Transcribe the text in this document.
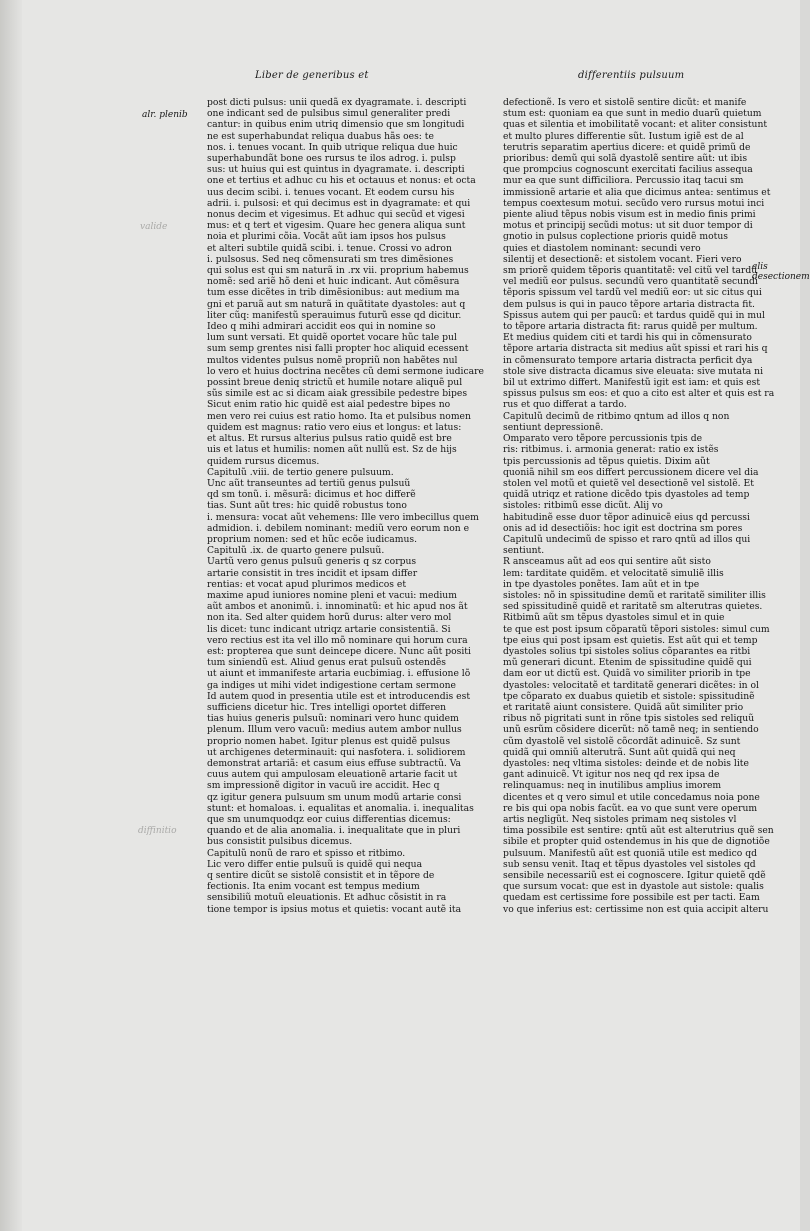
Liber de generibus et	differentiis pulsuum
alr. plenib
alis desectionem
valide
diffinitio
post dicti pulsus: unii quedã ex dyagramate. i. descripti
one indicant sed de pulsibus simul generaliter predi
cantur: in quibus enim utriq dimensio que sm longitudi
ne est superhabundat reliqua duabus hãs oes: te
nos. i. tenues vocant. In quib utrique reliqua due huic
superhabundãt bone oes rursus te ilos adrog. i. pulsp
sus: ut huius qui est quintus in dyagramate. i. descripti
one et tertius et adhuc cu his et octauus et nonus: et octa
uus decim scibi. i. tenues vocant. Et eodem cursu his
adrii. i. pulsosi: et qui decimus est in dyagramate: et qui
nonus decim et vigesimus. Et adhuc qui secũd et vigesi
mus: et q tert et vigesim. Quare hec genera aliqua sunt
noia et plurimi cõia. Vocãt aũt iam ipsos hos pulsus
et alteri subtile quidã scibi. i. tenue. Crossi vo adron
i. pulsosus. Sed neq cõmensurati sm tres dimẽsiones
qui solus est qui sm naturã in .rx vii. proprium habemus
nomẽ: sed ariẽ hõ deni et huic indicant. Aut cõmẽsura
tum esse dicẽtes in trib dimẽsionibus: aut medium ma
gni et paruã aut sm naturã in quãtitate dyastoles: aut q
liter cũq: manifestũ sperauimus futurũ esse qd dicitur.
Ideo q mihi admirari accidit eos qui in nomine so
lum sunt versati. Et quidẽ oportet vocare hũc tale pul
sum semp grentes nisi falli propter hoc aliquid ecessent
multos videntes pulsus nomẽ propriũ non habẽtes nul
lo vero et huius doctrina necẽtes cũ demi sermone iudicare
possint breue deniq strictũ et humile notare aliquẽ pul
sũs simile est ac si dicam aiak gressibile pedestre bipes
Sicut enim ratio hic quidẽ est aial pedestre bipes no
men vero rei cuius est ratio homo. Ita et pulsibus nomen
quidem est magnus: ratio vero eius et longus: et latus:
et altus. Et rursus alterius pulsus ratio quidẽ est bre
uis et latus et humilis: nomen aũt nullũ est. Sz de hijs
quidem rursus dicemus.
Capitulũ .viii. de tertio genere pulsuum.
Unc aũt transeuntes ad tertiũ genus pulsuũ
qd sm tonũ. i. mẽsurã: dicimus et hoc differẽ
tias. Sunt aũt tres: hic quidẽ robustus tono
i. mensura: vocat aũt vehemens: Ille vero imbecillus quem
admidion. i. debilem nominant: mediũ vero eorum non e
proprium nomen: sed et hũc ecõe iudicamus.
Capitulũ .ix. de quarto genere pulsuũ.
Uartũ vero genus pulsuũ generis q sz corpus
artarie consistit in tres incidit et ipsam differ
rentias: et vocat apud plurimos medicos et
maxime apud iuniores nomine pleni et vacui: medium
aũt ambos et anonimũ. i. innominatũ: et hic apud nos ãt
non ita. Sed alter quidem horũ durus: alter vero mol
lis dicet: tunc indicant utriqz artarie consistentiã. Si
vero rectius est ita vel illo mõ nominare qui horum cura
est: propterea que sunt deincepe dicere. Nunc aũt positi
tum siniendũ est. Aliud genus erat pulsuũ ostendẽs
ut aiunt et immanifeste artaria eucbimiag. i. effusione lõ
ga indiges ut mihi videt indigestione certam sermone
Id autem quod in presentia utile est et introducendis est
sufficiens dicetur hic. Tres intelligi oportet differen
tias huius generis pulsuũ: nominari vero hunc quidem
plenum. Illum vero vacuũ: medius autem ambor nullus
proprio nomen habet. Igitur plenus est quidẽ pulsus
ut archigenes determinauit: qui nasfotera. i. solidiorem
demonstrat artariã: et casum eius effuse subtractũ. Va
cuus autem qui ampulosam eleuationẽ artarie facit ut
sm impressionẽ digitor in vacuũ ire accidit. Hec q
qz igitur genera pulsuum sm unum modũ artarie consi
stunt: et homaloas. i. equalitas et anomalia. i. inequalitas
que sm unumquodqz eor cuius differentias dicemus:
quando et de alia anomalia. i. inequalitate que in pluri
bus consistit pulsibus dicemus.
Capitulũ nonũ de raro et spisso et ritbimo.
Lic vero differ entie pulsuũ is quidẽ qui nequa
q sentire dicũt se sistolẽ consistit et in tẽpore de
fectionis. Ita enim vocant est tempus medium
sensibiliũ motuũ eleuationis. Et adhuc cõsistit in ra
tione tempor is ipsius motus et quietis: vocant autẽ ita
defectionẽ. Is vero et sistolẽ sentire dicũt: et manife
stum est: quoniam ea que sunt in medio duarũ quietum
quas et silentia et imobilitatẽ vocant: et aliter consistunt
et multo plures differentie sũt. Iustum igiẽ est de al
terutris separatim apertius dicere: et quidẽ primũ de
prioribus: demũ qui solã dyastolẽ sentire aũt: ut ibis
que prompcius cognoscunt exercitati facilius assequa
mur ea que sunt difficiliora. Percussio itaq tacui sm
immissionẽ artarie et alia que dicimus antea: sentimus et
tempus coextesum motui. secũdo vero rursus motui inci
piente aliud tẽpus nobis visum est in medio finis primi
motus et principij secũdi motus: ut sit duor tempor di
gnotio in pulsus coplectione prioris quidẽ motus
quies et diastolem nominant: secundi vero
silentij et desectionẽ: et sistolem vocant. Fieri vero
sm priorẽ quidem tẽporis quantitatẽ: vel citũ vel tardũ
vel mediũ eor pulsus. secundũ vero quantitatẽ secundi
tẽporis spissum vel tardũ vel mediũ eor: ut sic citus qui
dem pulsus is qui in pauco tẽpore artaria distracta fit.
Spissus autem qui per paucũ: et tardus quidẽ qui in mul
to tẽpore artaria distracta fit: rarus quidẽ per multum.
Et medius quidem citi et tardi his qui in cõmensurato
tẽpore artaria distracta sit medius aũt spissi et rari his q
in cõmensurato tempore artaria distracta perficit dya
stole sive distracta dicamus sive eleuata: sive mutata ni
bil ut extrimo differt. Manifestũ igit est iam: et quis est
spissus pulsus sm eos: et quo a cito est alter et quis est ra
rus et quo differat a tardo.
Capitulũ decimũ de ritbimo qntum ad illos q non
sentiunt depressionẽ.
Omparato vero tẽpore percussionis tpis de
ris: ritbimus. i. armonia generat: ratio ex istẽs
tpis percussionis ad tẽpus quietis. Dixim aũt
quoniã nihil sm eos differt percussionem dicere vel dia
stolen vel motũ et quietẽ vel desectionẽ vel sistolẽ. Et
quidã utriqz et ratione dicẽdo tpis dyastoles ad temp
sistoles: ritbimũ esse dicũt. Alij vo
habitudinẽ esse duor tẽpor adinuicẽ eius qd percussi
onis ad id desectiõis: hoc igit est doctrina sm pores
Capitulũ undecimũ de spisso et raro qntũ ad illos qui
sentiunt.
R ansceamus aũt ad eos qui sentire aũt sisto
lem: tarditate quidẽm. et velocitatẽ simuliẽ illis
in tpe dyastoles ponẽtes. Iam aũt et in tpe
sistoles: nõ in spissitudine demũ et raritatẽ similiter illis
sed spissitudinẽ quidẽ et raritatẽ sm alterutras quietes.
Ritbimũ aũt sm tẽpus dyastoles simul et in quie
te que est post ipsum cõparatũ tẽpori sistoles: simul cum
tpe eius qui post ipsam est quietis. Est aũt qui et temp
dyastoles solius tpi sistoles solius cõparantes ea ritbi
mũ generari dicunt. Etenim de spissitudine quidẽ qui
dam eor ut dictũ est. Quidã vo similiter priorib in tpe
dyastoles: velocitatẽ et tarditatẽ generari dicẽtes: in ol
tpe cõparato ex duabus quietib et sistole: spissitudinẽ
et raritatẽ aiunt consistere. Quidã aũt similiter prio
ribus nõ pigritati sunt in rõne tpis sistoles sed reliquũ
unũ esrũm cõsidere dicerũt: nõ tamẽ neq; in sentiendo
cũm dyastolẽ vel sistolẽ cõcordãt adinuicẽ. Sz sunt
quidã qui omniũ alterutrã. Sunt aũt quidã qui neq
dyastoles: neq vltima sistoles: deinde et de nobis lite
gant adinuicẽ. Vt igitur nos neq qd rex ipsa de
relinquamus: neq in inutilibus amplius imorem
dicentes et q vero simul et utile concedamus noia pone
re bis qui opa nobis facũt. ea vo que sunt vere operum
artis negligũt. Neq sistoles primam neq sistoles vl
tima possibile est sentire: qntũ aũt est alterutrius quẽ sen
sibile et propter quid ostendemus in his que de dignotiõe
pulsuum. Manifestũ aũt est quoniã utile est medico qd
sub sensu venit. Itaq et tẽpus dyastoles vel sistoles qd
sensibile necessariũ est ei cognoscere. Igitur quietẽ qdẽ
que sursum vocat: que est in dyastole aut sistole: qualis
quedam est certissime fore possibile est per tacti. Eam
vo que inferius est: certissime non est quia accipit alteru
